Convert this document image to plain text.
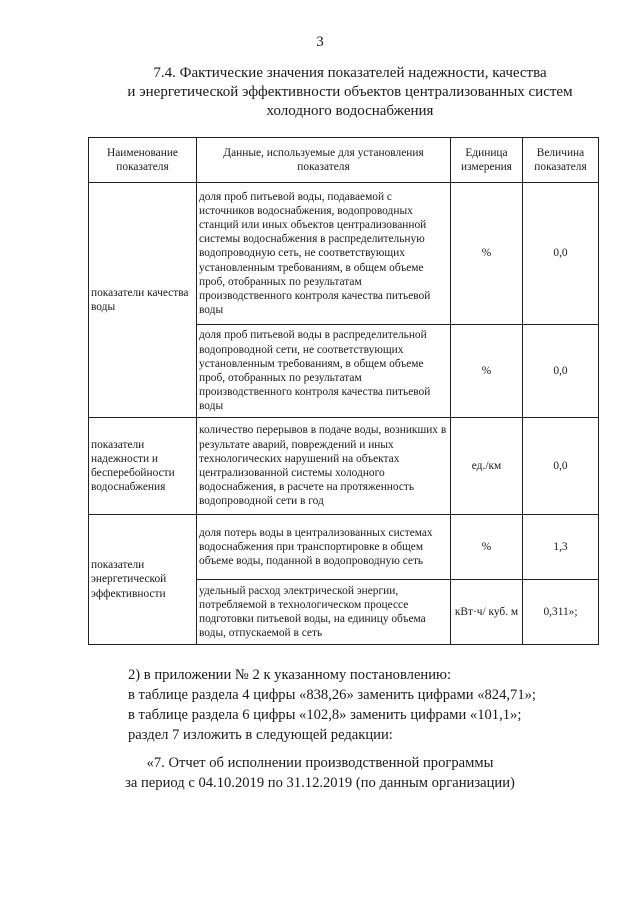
3
7.4. Фактические значения показателей надежности, качества
и энергетической эффективности объектов централизованных систем
холодного водоснабжения
Наименование показателя	Данные, используемые для установления показателя	Единица измерения	Величина показателя
показатели качества воды	доля проб питьевой воды, подаваемой с источников водоснабжения, водопроводных станций или иных объектов централизованной системы водоснабжения в распределительную водопроводную сеть, не соответствующих установленным требованиям, в общем объеме проб, отобранных по результатам производственного контроля качества питьевой воды	%	0,0
	доля проб питьевой воды в распределительной водопроводной сети, не соответствующих установленным требованиям, в общем объеме проб, отобранных по результатам производственного контроля качества питьевой воды	%	0,0
показатели надежности и бесперебойности водоснабжения	количество перерывов в подаче воды, возникших в результате аварий, повреждений и иных технологических нарушений на объектах централизованной системы холодного водоснабжения, в расчете на протяженность водопроводной сети в год	ед./км	0,0
показатели энергетической эффективности	доля потерь воды в централизованных системах водоснабжения при транспортировке в общем объеме воды, поданной в водопроводную сеть	%	1,3
	удельный расход электрической энергии, потребляемой в технологическом процессе подготовки питьевой воды, на единицу объема воды, отпускаемой в сеть	кВт·ч/ куб. м	0,311»;
2) в приложении № 2 к указанному постановлению:
в таблице раздела 4 цифры «838,26» заменить цифрами «824,71»;
в таблице раздела 6 цифры «102,8» заменить цифрами «101,1»;
раздел 7 изложить в следующей редакции:
«7. Отчет об исполнении производственной программы
за период с 04.10.2019 по 31.12.2019 (по данным организации)
